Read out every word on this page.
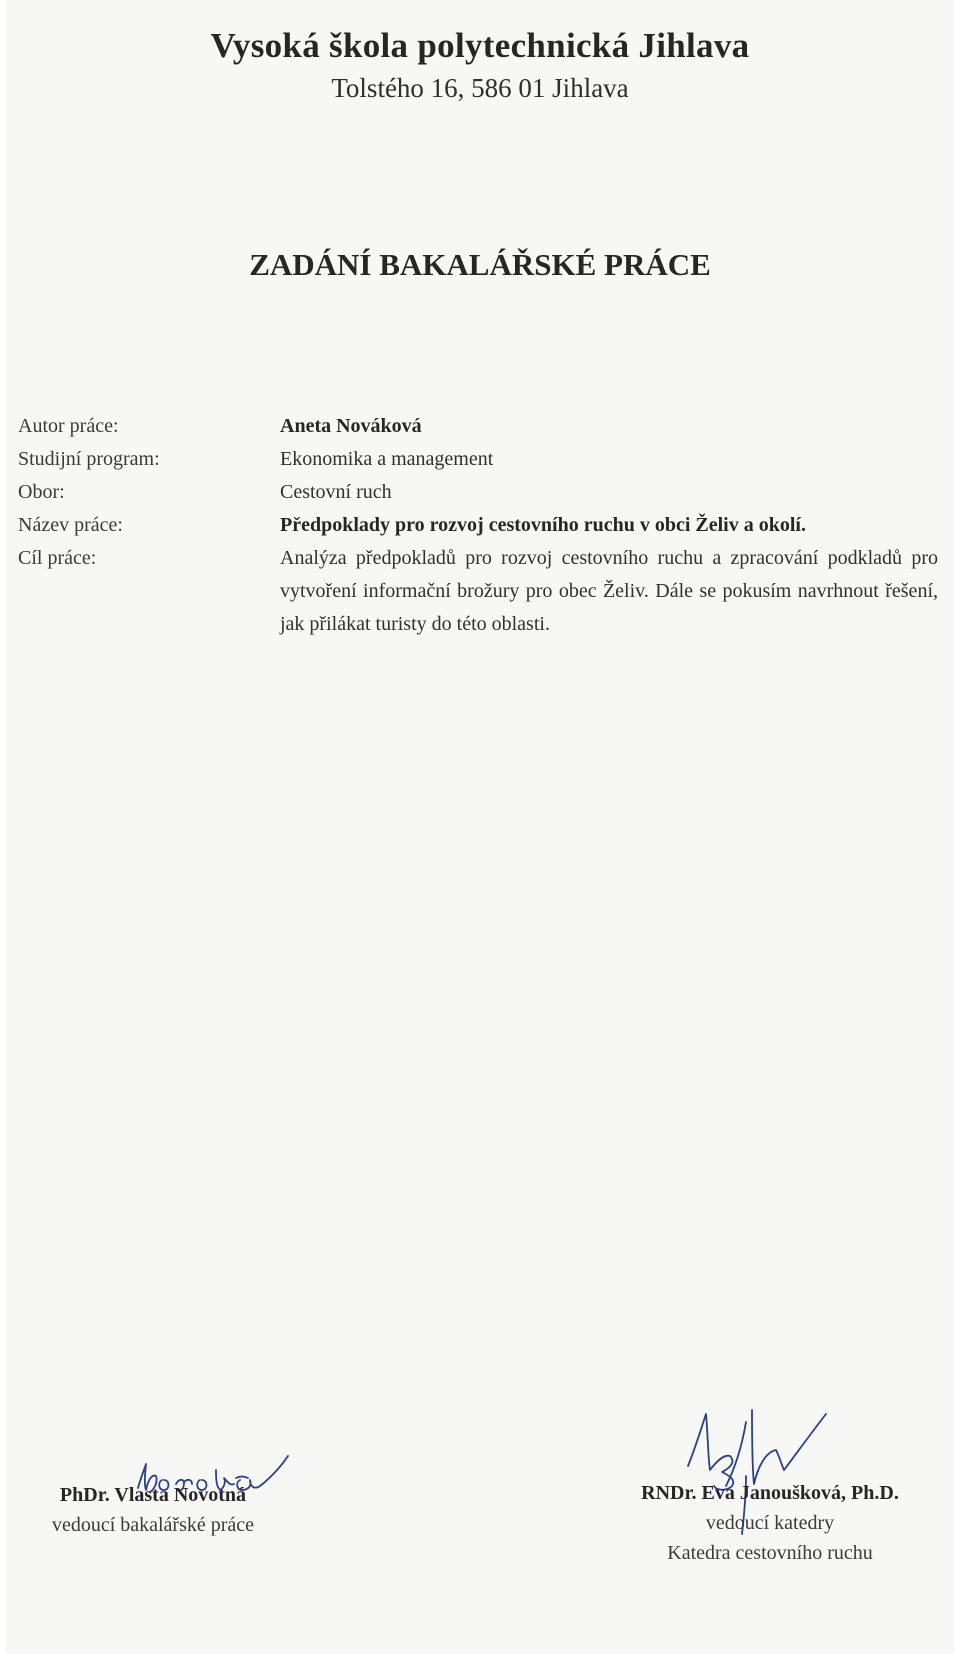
Vysoká škola polytechnická Jihlava

Tolstého 16, 586 01 Jihlava

ZADÁNÍ BAKALÁŘSKÉ PRÁCE

Autor práce:	Aneta Nováková
Studijní program:	Ekonomika a management
Obor:	Cestovní ruch
Název práce:	Předpoklady pro rozvoj cestovního ruchu v obci Želiv a okolí.
Cíl práce:	Analýza předpokladů pro rozvoj cestovního ruchu a zpracování podkladů pro vytvoření informační brožury pro obec Želiv. Dále se pokusím navrhnout řešení, jak přilákat turisty do této oblasti.

PhDr. Vlasta Novotná

vedoucí bakalářské práce

RNDr. Eva Janoušková, Ph.D.

vedoucí katedry

Katedra cestovního ruchu
